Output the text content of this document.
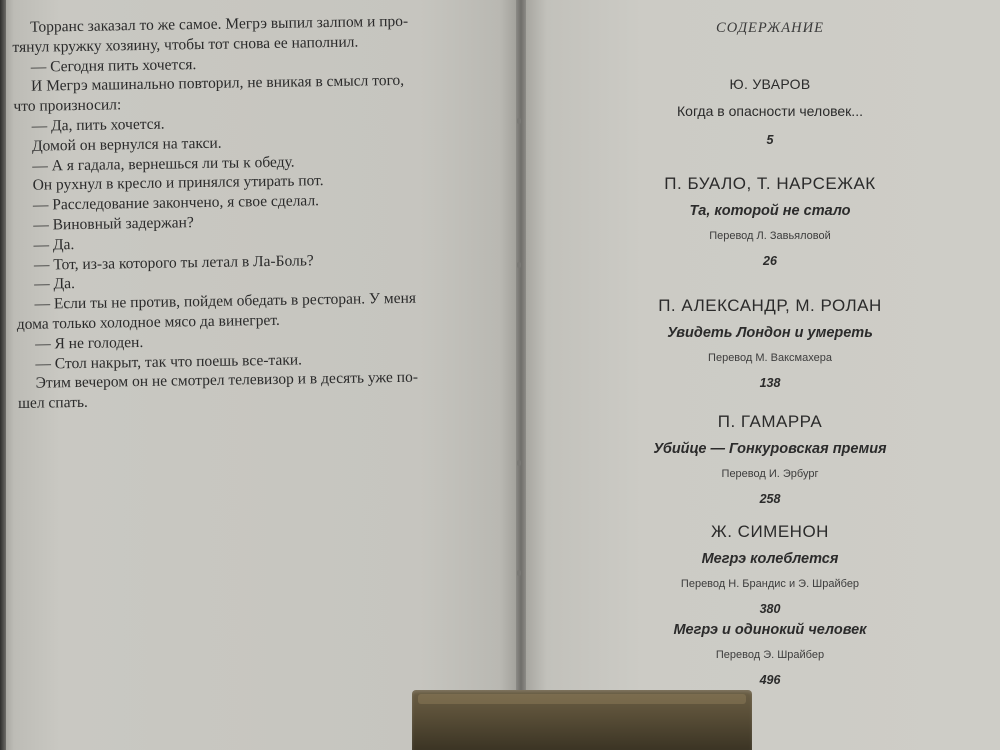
Торранс заказал то же самое. Мегрэ выпил залпом и про-
тянул кружку хозяину, чтобы тот снова ее наполнил.
— Сегодня пить хочется.
И Мегрэ машинально повторил, не вникая в смысл того,
что произносил:
— Да, пить хочется.
Домой он вернулся на такси.
— А я гадала, вернешься ли ты к обеду.
Он рухнул в кресло и принялся утирать пот.
— Расследование закончено, я свое сделал.
— Виновный задержан?
— Да.
— Тот, из-за которого ты летал в Ла-Боль?
— Да.
— Если ты не против, пойдем обедать в ресторан. У меня
дома только холодное мясо да винегрет.
— Я не голоден.
— Стол накрыт, так что поешь все-таки.
Этим вечером он не смотрел телевизор и в десять уже по-
шел спать.
СОДЕРЖАНИЕ
Ю. УВАРОВ
Когда в опасности человек...
5
П. БУАЛО, Т. НАРСЕЖАК
Та, которой не стало
Перевод Л. Завьяловой
26
П. АЛЕКСАНДР, М. РОЛАН
Увидеть Лондон и умереть
Перевод М. Ваксмахера
138
П. ГАМАРРА
Убийце — Гонкуровская премия
Перевод И. Эрбург
258
Ж. СИМЕНОН
Мегрэ колеблется
Перевод Н. Брандис и Э. Шрайбер
380
Мегрэ и одинокий человек
Перевод Э. Шрайбер
496
